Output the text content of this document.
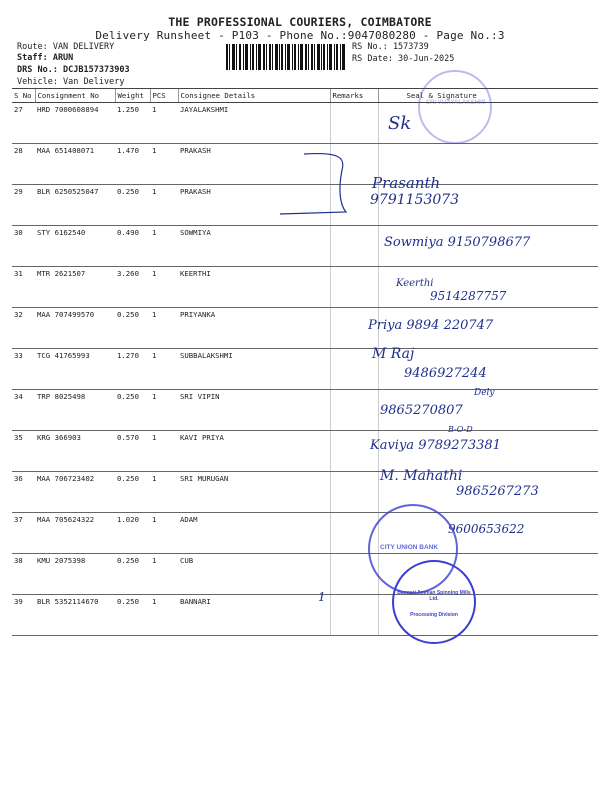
THE PROFESSIONAL COURIERS, COIMBATORE
Delivery Runsheet - P103 - Phone No.:9047080280 - Page No.:3
Route: VAN DELIVERY
Staff: ARUN
DRS No.: DCJB157373903
Vehicle: Van Delivery
RS No.: 1573739
RS Date: 30-Jun-2025
S No	Consignment No	Weight	PCS	Consignee Details	Remarks	Seal & Signature
27	HRD 7000608894	1.250	1	JAYALAKSHMI		
28	MAA 651408071	1.470	1	PRAKASH		
29	BLR 6250525047	0.250	1	PRAKASH		
30	STY 6162540	0.490	1	SOWMIYA		
31	MTR 2621507	3.260	1	KEERTHI		
32	MAA 707499570	0.250	1	PRIYANKA		
33	TCG 41765993	1.270	1	SUBBALAKSHMI		
34	TRP 8025498	0.250	1	SRI VIPIN		
35	KRG 366903	0.570	1	KAVI PRIYA		
36	MAA 706723402	0.250	1	SRI MURUGAN		
37	MAA 705624322	1.020	1	ADAM		
38	KMU 2075398	0.250	1	CUB		
39	BLR 5352114670	0.250	1	BANNARI		
Sk
Prasanth
9791153073
Sowmiya 9150798677
Keerthi
9514287757
Priya 9894 220747
M Raj
9486927244
Dely
9865270807
B-O-D
Kaviya 9789273381
M. Mahathi
9865267273
9600653622
1
SRI VIJAYALAKSHMI
CITY UNION BANK
Bannari Amman Spinning Mills Ltd.
Processing Division
